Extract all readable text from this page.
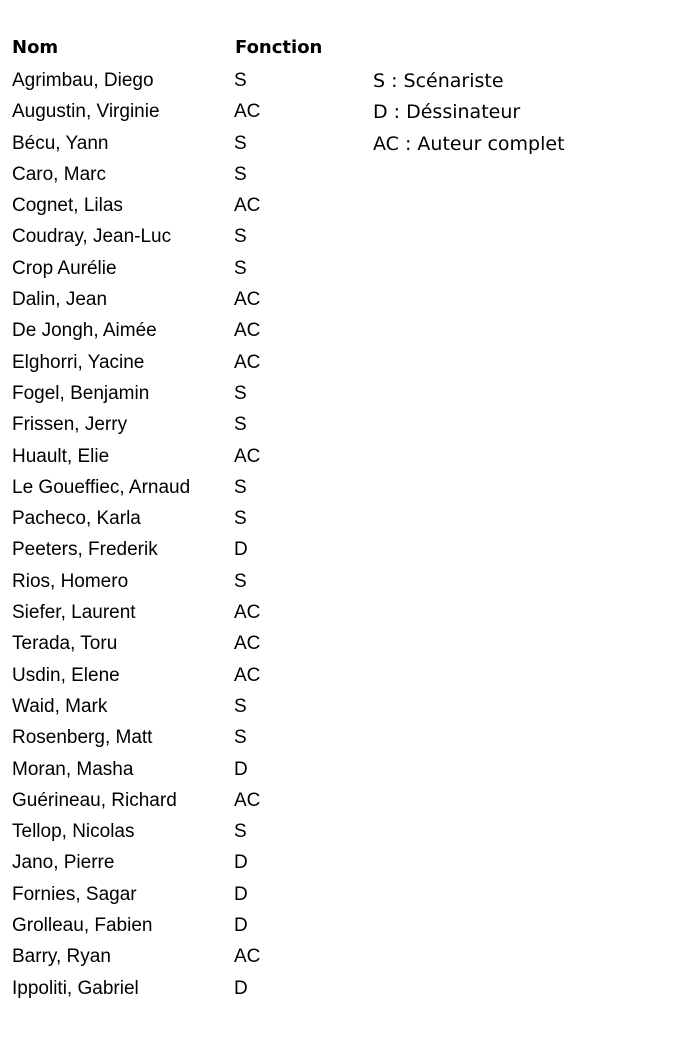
Nom	Fonction
Agrimbau, Diego	S
Augustin, Virginie	AC
Bécu, Yann	S
Caro, Marc	S
Cognet, Lilas	AC
Coudray, Jean-Luc	S
Crop Aurélie	S
Dalin, Jean	AC
De Jongh, Aimée	AC
Elghorri, Yacine	AC
Fogel, Benjamin	S
Frissen, Jerry	S
Huault, Elie	AC
Le Goueffiec, Arnaud S
Pacheco, Karla	S
Peeters, Frederik	D
Rios, Homero	S
Siefer, Laurent	AC
Terada, Toru	AC
Usdin, Elene	AC
Waid, Mark	S
Rosenberg, Matt	S
Moran, Masha	D
Guérineau, Richard	AC
Tellop, Nicolas	S
Jano, Pierre	D
Fornies, Sagar	D
Grolleau, Fabien	D
Barry, Ryan	AC
Ippoliti, Gabriel	D
S : Scénariste
D : Déssinateur
AC : Auteur complet
